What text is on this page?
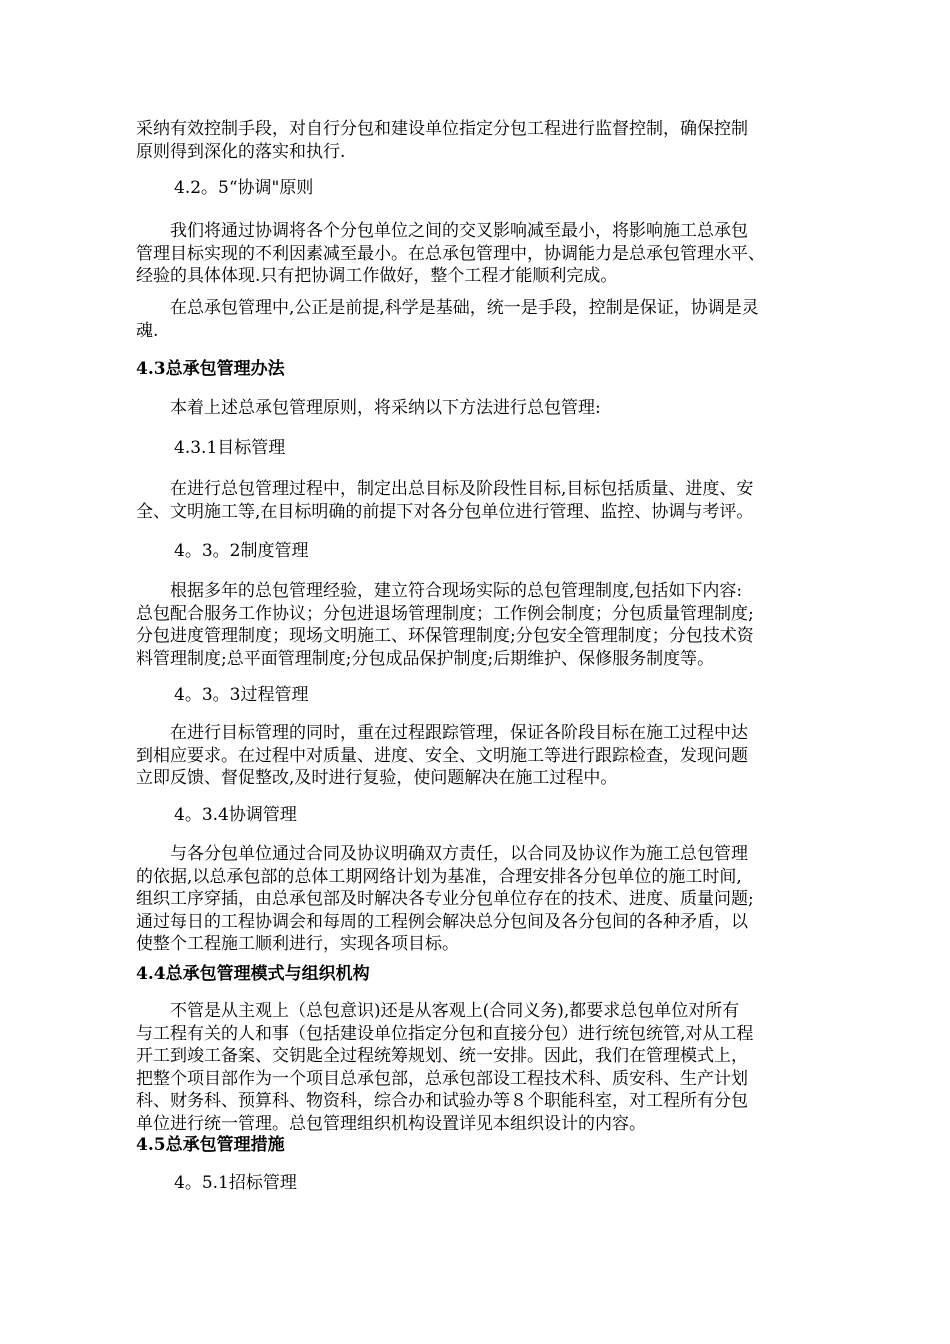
采纳有效控制手段，对自行分包和建设单位指定分包工程进行监督控制，确保控制
原则得到深化的落实和执行.

4.2。5“协调"原则

　　我们将通过协调将各个分包单位之间的交叉影响减至最小，将影响施工总承包
管理目标实现的不利因素减至最小。在总承包管理中，协调能力是总承包管理水平、
经验的具体体现.只有把协调工作做好，整个工程才能顺利完成。
　　在总承包管理中,公正是前提,科学是基础，统一是手段，控制是保证，协调是灵
魂.

4.3总承包管理办法

　　本着上述总承包管理原则，将采纳以下方法进行总包管理:

4.3.1目标管理

　　在进行总包管理过程中，制定出总目标及阶段性目标,目标包括质量、进度、安
全、文明施工等,在目标明确的前提下对各分包单位进行管理、监控、协调与考评。

4。3。2制度管理

　　根据多年的总包管理经验，建立符合现场实际的总包管理制度,包括如下内容:
总包配合服务工作协议；分包进退场管理制度；工作例会制度；分包质量管理制度;
分包进度管理制度；现场文明施工、环保管理制度;分包安全管理制度；分包技术资
料管理制度;总平面管理制度;分包成品保护制度;后期维护、保修服务制度等。

4。3。3过程管理

　　在进行目标管理的同时，重在过程跟踪管理，保证各阶段目标在施工过程中达
到相应要求。在过程中对质量、进度、安全、文明施工等进行跟踪检查，发现问题
立即反馈、督促整改,及时进行复验，使问题解决在施工过程中。

4。3.4协调管理

　　与各分包单位通过合同及协议明确双方责任，以合同及协议作为施工总包管理
的依据,以总承包部的总体工期网络计划为基准，合理安排各分包单位的施工时间,
组织工序穿插，由总承包部及时解决各专业分包单位存在的技术、进度、质量问题;
通过每日的工程协调会和每周的工程例会解决总分包间及各分包间的各种矛盾，以
使整个工程施工顺利进行，实现各项目标。

4.4总承包管理模式与组织机构

　　不管是从主观上（总包意识)还是从客观上(合同义务),都要求总包单位对所有
与工程有关的人和事（包括建设单位指定分包和直接分包）进行统包统管,对从工程
开工到竣工备案、交钥匙全过程统筹规划、统一安排。因此，我们在管理模式上，
把整个项目部作为一个项目总承包部，总承包部设工程技术科、质安科、生产计划
科、财务科、预算科、物资科，综合办和试验办等８个职能科室，对工程所有分包
单位进行统一管理。总包管理组织机构设置详见本组织设计的内容。

4.5总承包管理措施

4。5.1招标管理
